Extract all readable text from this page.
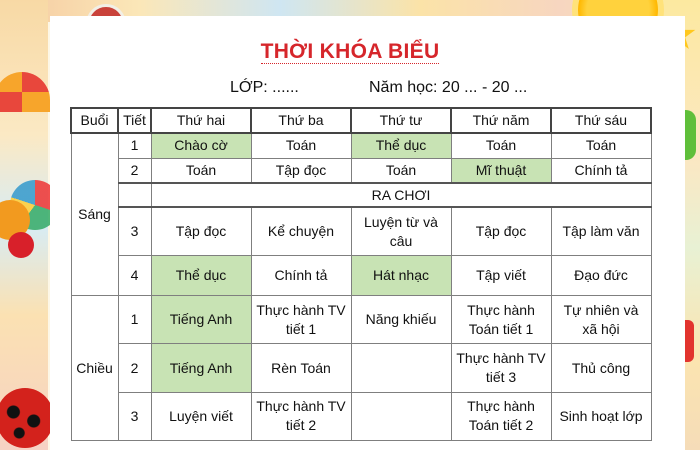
THỜI KHÓA BIỂU
LỚP: ......	Năm học: 20 ... - 20 ...
Buổi	Tiết	Thứ hai	Thứ ba	Thứ tư	Thứ năm	Thứ sáu
Sáng	1	Chào cờ	Toán	Thể dục	Toán	Toán
	2	Toán	Tập đọc	Toán	Mĩ thuật	Chính tả
		RA CHƠI				
	3	Tập đọc	Kể chuyện	Luyện từ và câu	Tập đọc	Tập làm văn
	4	Thể dục	Chính tả	Hát nhạc	Tập viết	Đạo đức
Chiều	1	Tiếng Anh	Thực hành TV tiết 1	Năng khiếu	Thực hành Toán tiết 1	Tự nhiên và xã hội
	2	Tiếng Anh	Rèn Toán		Thực hành TV tiết 3	Thủ công
	3	Luyện viết	Thực hành TV tiết 2		Thực hành Toán tiết 2	Sinh hoạt lớp
